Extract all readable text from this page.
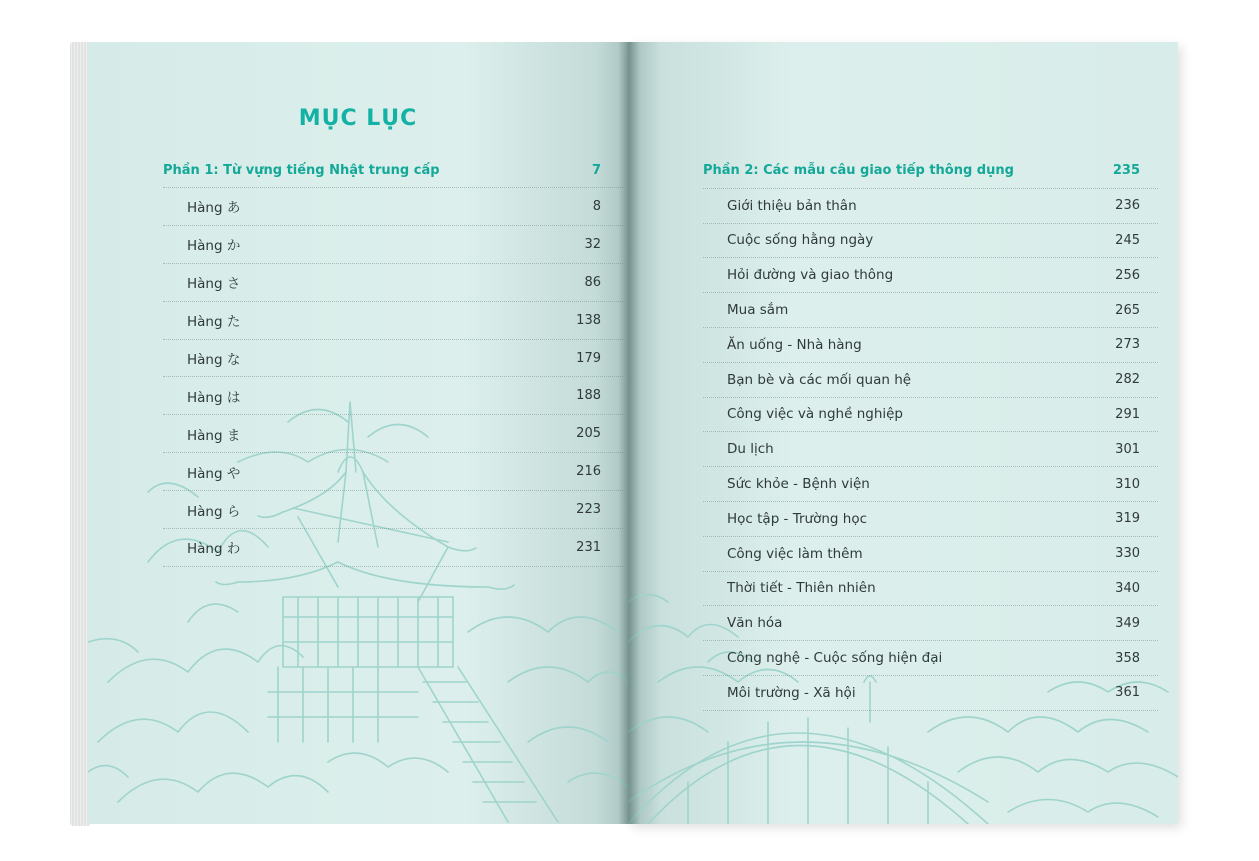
MỤC LỤC
Phần 1: Từ vựng tiếng Nhật trung cấp	7
Hàng あ	8
Hàng か	32
Hàng さ	86
Hàng た	138
Hàng な	179
Hàng は	188
Hàng ま	205
Hàng や	216
Hàng ら	223
Hàng わ	231
Phần 2: Các mẫu câu giao tiếp thông dụng	235
Giới thiệu bản thân	236
Cuộc sống hằng ngày	245
Hỏi đường và giao thông	256
Mua sắm	265
Ăn uống - Nhà hàng	273
Bạn bè và các mối quan hệ	282
Công việc và nghề nghiệp	291
Du lịch	301
Sức khỏe - Bệnh viện	310
Học tập - Trường học	319
Công việc làm thêm	330
Thời tiết - Thiên nhiên	340
Văn hóa	349
Công nghệ - Cuộc sống hiện đại	358
Môi trường - Xã hội	361
